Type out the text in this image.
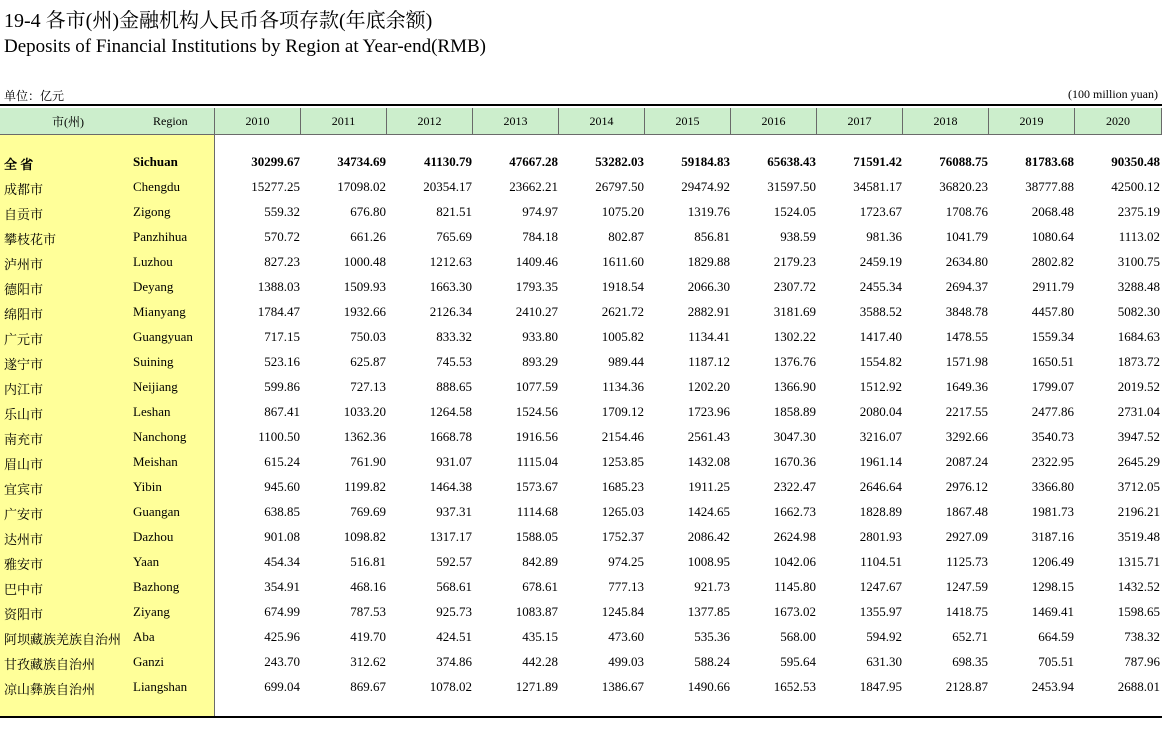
19-4 各市(州)金融机构人民币各项存款(年底余额)
Deposits of Financial Institutions by Region at Year-end(RMB)
单位：亿元	(100 million yuan)
市(州)	Region	2010	2011	2012	2013	2014	2015	2016	2017	2018	2019	2020
全 省	Sichuan	30299.67	34734.69	41130.79	47667.28	53282.03	59184.83	65638.43	71591.42	76088.75	81783.68	90350.48
成都市	Chengdu	15277.25	17098.02	20354.17	23662.21	26797.50	29474.92	31597.50	34581.17	36820.23	38777.88	42500.12
自贡市	Zigong	559.32	676.80	821.51	974.97	1075.20	1319.76	1524.05	1723.67	1708.76	2068.48	2375.19
攀枝花市	Panzhihua	570.72	661.26	765.69	784.18	802.87	856.81	938.59	981.36	1041.79	1080.64	1113.02
泸州市	Luzhou	827.23	1000.48	1212.63	1409.46	1611.60	1829.88	2179.23	2459.19	2634.80	2802.82	3100.75
德阳市	Deyang	1388.03	1509.93	1663.30	1793.35	1918.54	2066.30	2307.72	2455.34	2694.37	2911.79	3288.48
绵阳市	Mianyang	1784.47	1932.66	2126.34	2410.27	2621.72	2882.91	3181.69	3588.52	3848.78	4457.80	5082.30
广元市	Guangyuan	717.15	750.03	833.32	933.80	1005.82	1134.41	1302.22	1417.40	1478.55	1559.34	1684.63
遂宁市	Suining	523.16	625.87	745.53	893.29	989.44	1187.12	1376.76	1554.82	1571.98	1650.51	1873.72
内江市	Neijiang	599.86	727.13	888.65	1077.59	1134.36	1202.20	1366.90	1512.92	1649.36	1799.07	2019.52
乐山市	Leshan	867.41	1033.20	1264.58	1524.56	1709.12	1723.96	1858.89	2080.04	2217.55	2477.86	2731.04
南充市	Nanchong	1100.50	1362.36	1668.78	1916.56	2154.46	2561.43	3047.30	3216.07	3292.66	3540.73	3947.52
眉山市	Meishan	615.24	761.90	931.07	1115.04	1253.85	1432.08	1670.36	1961.14	2087.24	2322.95	2645.29
宜宾市	Yibin	945.60	1199.82	1464.38	1573.67	1685.23	1911.25	2322.47	2646.64	2976.12	3366.80	3712.05
广安市	Guangan	638.85	769.69	937.31	1114.68	1265.03	1424.65	1662.73	1828.89	1867.48	1981.73	2196.21
达州市	Dazhou	901.08	1098.82	1317.17	1588.05	1752.37	2086.42	2624.98	2801.93	2927.09	3187.16	3519.48
雅安市	Yaan	454.34	516.81	592.57	842.89	974.25	1008.95	1042.06	1104.51	1125.73	1206.49	1315.71
巴中市	Bazhong	354.91	468.16	568.61	678.61	777.13	921.73	1145.80	1247.67	1247.59	1298.15	1432.52
资阳市	Ziyang	674.99	787.53	925.73	1083.87	1245.84	1377.85	1673.02	1355.97	1418.75	1469.41	1598.65
阿坝藏族羌族自治州 Aba	425.96	419.70	424.51	435.15	473.60	535.36	568.00	594.92	652.71	664.59	738.32
甘孜藏族自治州	Ganzi	243.70	312.62	374.86	442.28	499.03	588.24	595.64	631.30	698.35	705.51	787.96
凉山彝族自治州	Liangshan	699.04	869.67	1078.02	1271.89	1386.67	1490.66	1652.53	1847.95	2128.87	2453.94	2688.01
